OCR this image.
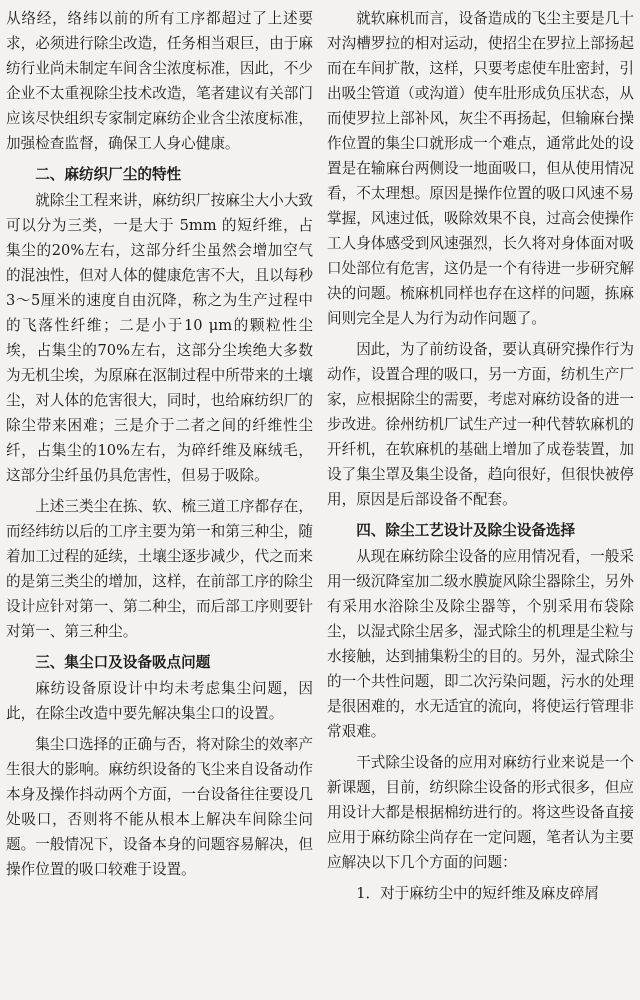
从络经，络纬以前的所有工序都超过了上述要求，必须进行除尘改造，任务相当艰巨，由于麻纺行业尚未制定车间含尘浓度标准，因此，不少企业不太重视除尘技术改造，笔者建议有关部门应该尽快组织专家制定麻纺企业含尘浓度标准，加强检查监督，确保工人身心健康。

二、麻纺织厂尘的特性

就除尘工程来讲，麻纺织厂按麻尘大小大致可以分为三类，一是大于 5mm 的短纤维，占集尘的20%左右，这部分纤尘虽然会增加空气的混浊性，但对人体的健康危害不大，且以每秒3～5厘米的速度自由沉降，称之为生产过程中的飞落性纤维；二是小于10 μm的颗粒性尘埃，占集尘的70%左右，这部分尘埃绝大多数为无机尘埃，为原麻在沤制过程中所带来的土壤尘，对人体的危害很大，同时，也给麻纺织厂的除尘带来困难；三是介于二者之间的纤维性尘纤，占集尘的10%左右，为碎纤维及麻绒毛，这部分尘纤虽仍具危害性，但易于吸除。

上述三类尘在拣、软、梳三道工序都存在，而经纬纺以后的工序主要为第一和第三种尘，随着加工过程的延续，土壤尘逐步减少，代之而来的是第三类尘的增加，这样，在前部工序的除尘设计应针对第一、第二种尘，而后部工序则要针对第一、第三种尘。

三、集尘口及设备吸点问题

麻纺设备原设计中均未考虑集尘问题，因此，在除尘改造中要先解决集尘口的设置。

集尘口选择的正确与否，将对除尘的效率产生很大的影响。麻纺织设备的飞尘来自设备动作本身及操作抖动两个方面，一台设备往往要设几处吸口，否则将不能从根本上解决车间除尘问题。一般情况下，设备本身的问题容易解决，但操作位置的吸口较难于设置。

就软麻机而言，设备造成的飞尘主要是几十对沟槽罗拉的相对运动，使招尘在罗拉上部扬起而在车间扩散，这样，只要考虑使车肚密封，引出吸尘管道（或沟道）使车肚形成负压状态，从而使罗拉上部补风，灰尘不再扬起，但输麻台操作位置的集尘口就形成一个难点，通常此处的设置是在输麻台两侧设一地面吸口，但从使用情况看，不太理想。原因是操作位置的吸口风速不易掌握，风速过低，吸除效果不良，过高会使操作工人身体感受到风速强烈，长久将对身体面对吸口处部位有危害，这仍是一个有待进一步研究解决的问题。梳麻机同样也存在这样的问题，拣麻间则完全是人为行为动作问题了。

因此，为了前纺设备，要认真研究操作行为动作，设置合理的吸口，另一方面，纺机生产厂家，应根据除尘的需要，考虑对麻纺设备的进一步改进。徐州纺机厂试生产过一种代替软麻机的开纤机，在软麻机的基础上增加了成卷装置，加设了集尘罩及集尘设备，趋向很好，但很快被停用，原因是后部设备不配套。

四、除尘工艺设计及除尘设备选择

从现在麻纺除尘设备的应用情况看，一般采用一级沉降室加二级水膜旋风除尘器除尘，另外有采用水浴除尘及除尘器等，个别采用布袋除尘，以湿式除尘居多，湿式除尘的机理是尘粒与水接触，达到捕集粉尘的目的。另外，湿式除尘的一个共性问题，即二次污染问题，污水的处理是很困难的，水无适宜的流向，将使运行管理非常艰难。

干式除尘设备的应用对麻纺行业来说是一个新课题，目前，纺织除尘设备的形式很多，但应用设计大都是根据棉纺进行的。将这些设备直接应用于麻纺除尘尚存在一定问题，笔者认为主要应解决以下几个方面的问题：

1．对于麻纺尘中的短纤维及麻皮碎屑
